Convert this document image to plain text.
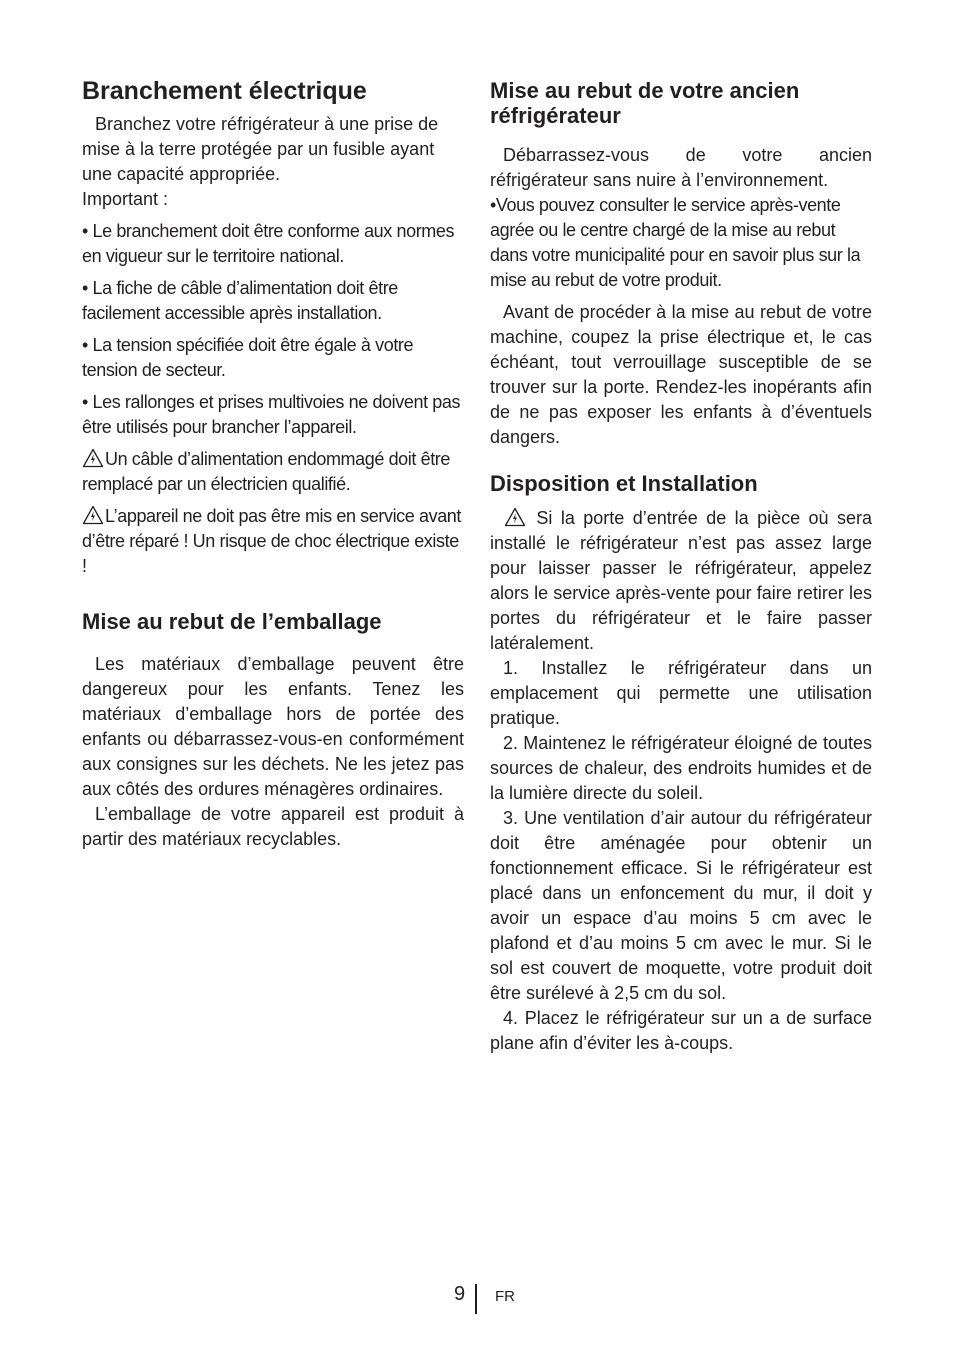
Branchement électrique

Branchez votre réfrigérateur à une prise de mise à la terre protégée par un fusible ayant une capacité appropriée.

Important :

• Le branchement doit être conforme aux normes en vigueur sur le territoire national.

• La fiche de câble d’alimentation doit être facilement accessible après installation.

• La tension spécifiée doit être égale à votre tension de secteur.

• Les rallonges et prises multivoies ne doivent pas être utilisés pour brancher l’appareil.

Un câble d’alimentation endommagé doit être remplacé par un électricien qualifié.

L’appareil ne doit pas être mis en service avant d’être réparé ! Un risque de choc électrique existe !

Mise au rebut de l’emballage

Les matériaux d’emballage peuvent être dangereux pour les enfants. Tenez les matériaux d’emballage hors de portée des enfants ou débarrassez-vous-en conformément aux consignes sur les déchets. Ne les jetez pas aux côtés des ordures ménagères ordinaires.

L’emballage de votre appareil est produit à partir des matériaux recyclables.

Mise au rebut de votre ancien réfrigérateur

Débarrassez-vous de votre ancien réfrigérateur sans nuire à l’environnement.

•Vous pouvez consulter le service après-vente agrée ou le centre chargé de la mise au rebut dans votre municipalité pour en savoir plus sur la mise au rebut de votre produit.

Avant de procéder à la mise au rebut de votre machine, coupez la prise électrique et, le cas échéant, tout verrouillage susceptible de se trouver sur la porte. Rendez-les inopérants afin de ne pas exposer les enfants à d’éventuels dangers.

Disposition et Installation

Si la porte d’entrée de la pièce où sera installé le réfrigérateur n’est pas assez large pour laisser passer le réfrigérateur, appelez alors le service après-vente pour faire retirer les portes du réfrigérateur et le faire passer latéralement.

1. Installez le réfrigérateur dans un emplacement qui permette une utilisation pratique.

2. Maintenez le réfrigérateur éloigné de toutes sources de chaleur, des endroits humides et de la lumière directe du soleil.

3. Une ventilation d’air autour du réfrigérateur doit être aménagée pour obtenir un fonctionnement efficace. Si le réfrigérateur est placé dans un enfoncement du mur, il doit y avoir un espace d’au moins 5 cm avec le plafond et d’au moins 5 cm avec le mur. Si le sol est couvert de moquette, votre produit doit être surélevé à 2,5 cm du sol.

4. Placez le réfrigérateur sur un a de surface plane afin d’éviter les à-coups.

9 FR
